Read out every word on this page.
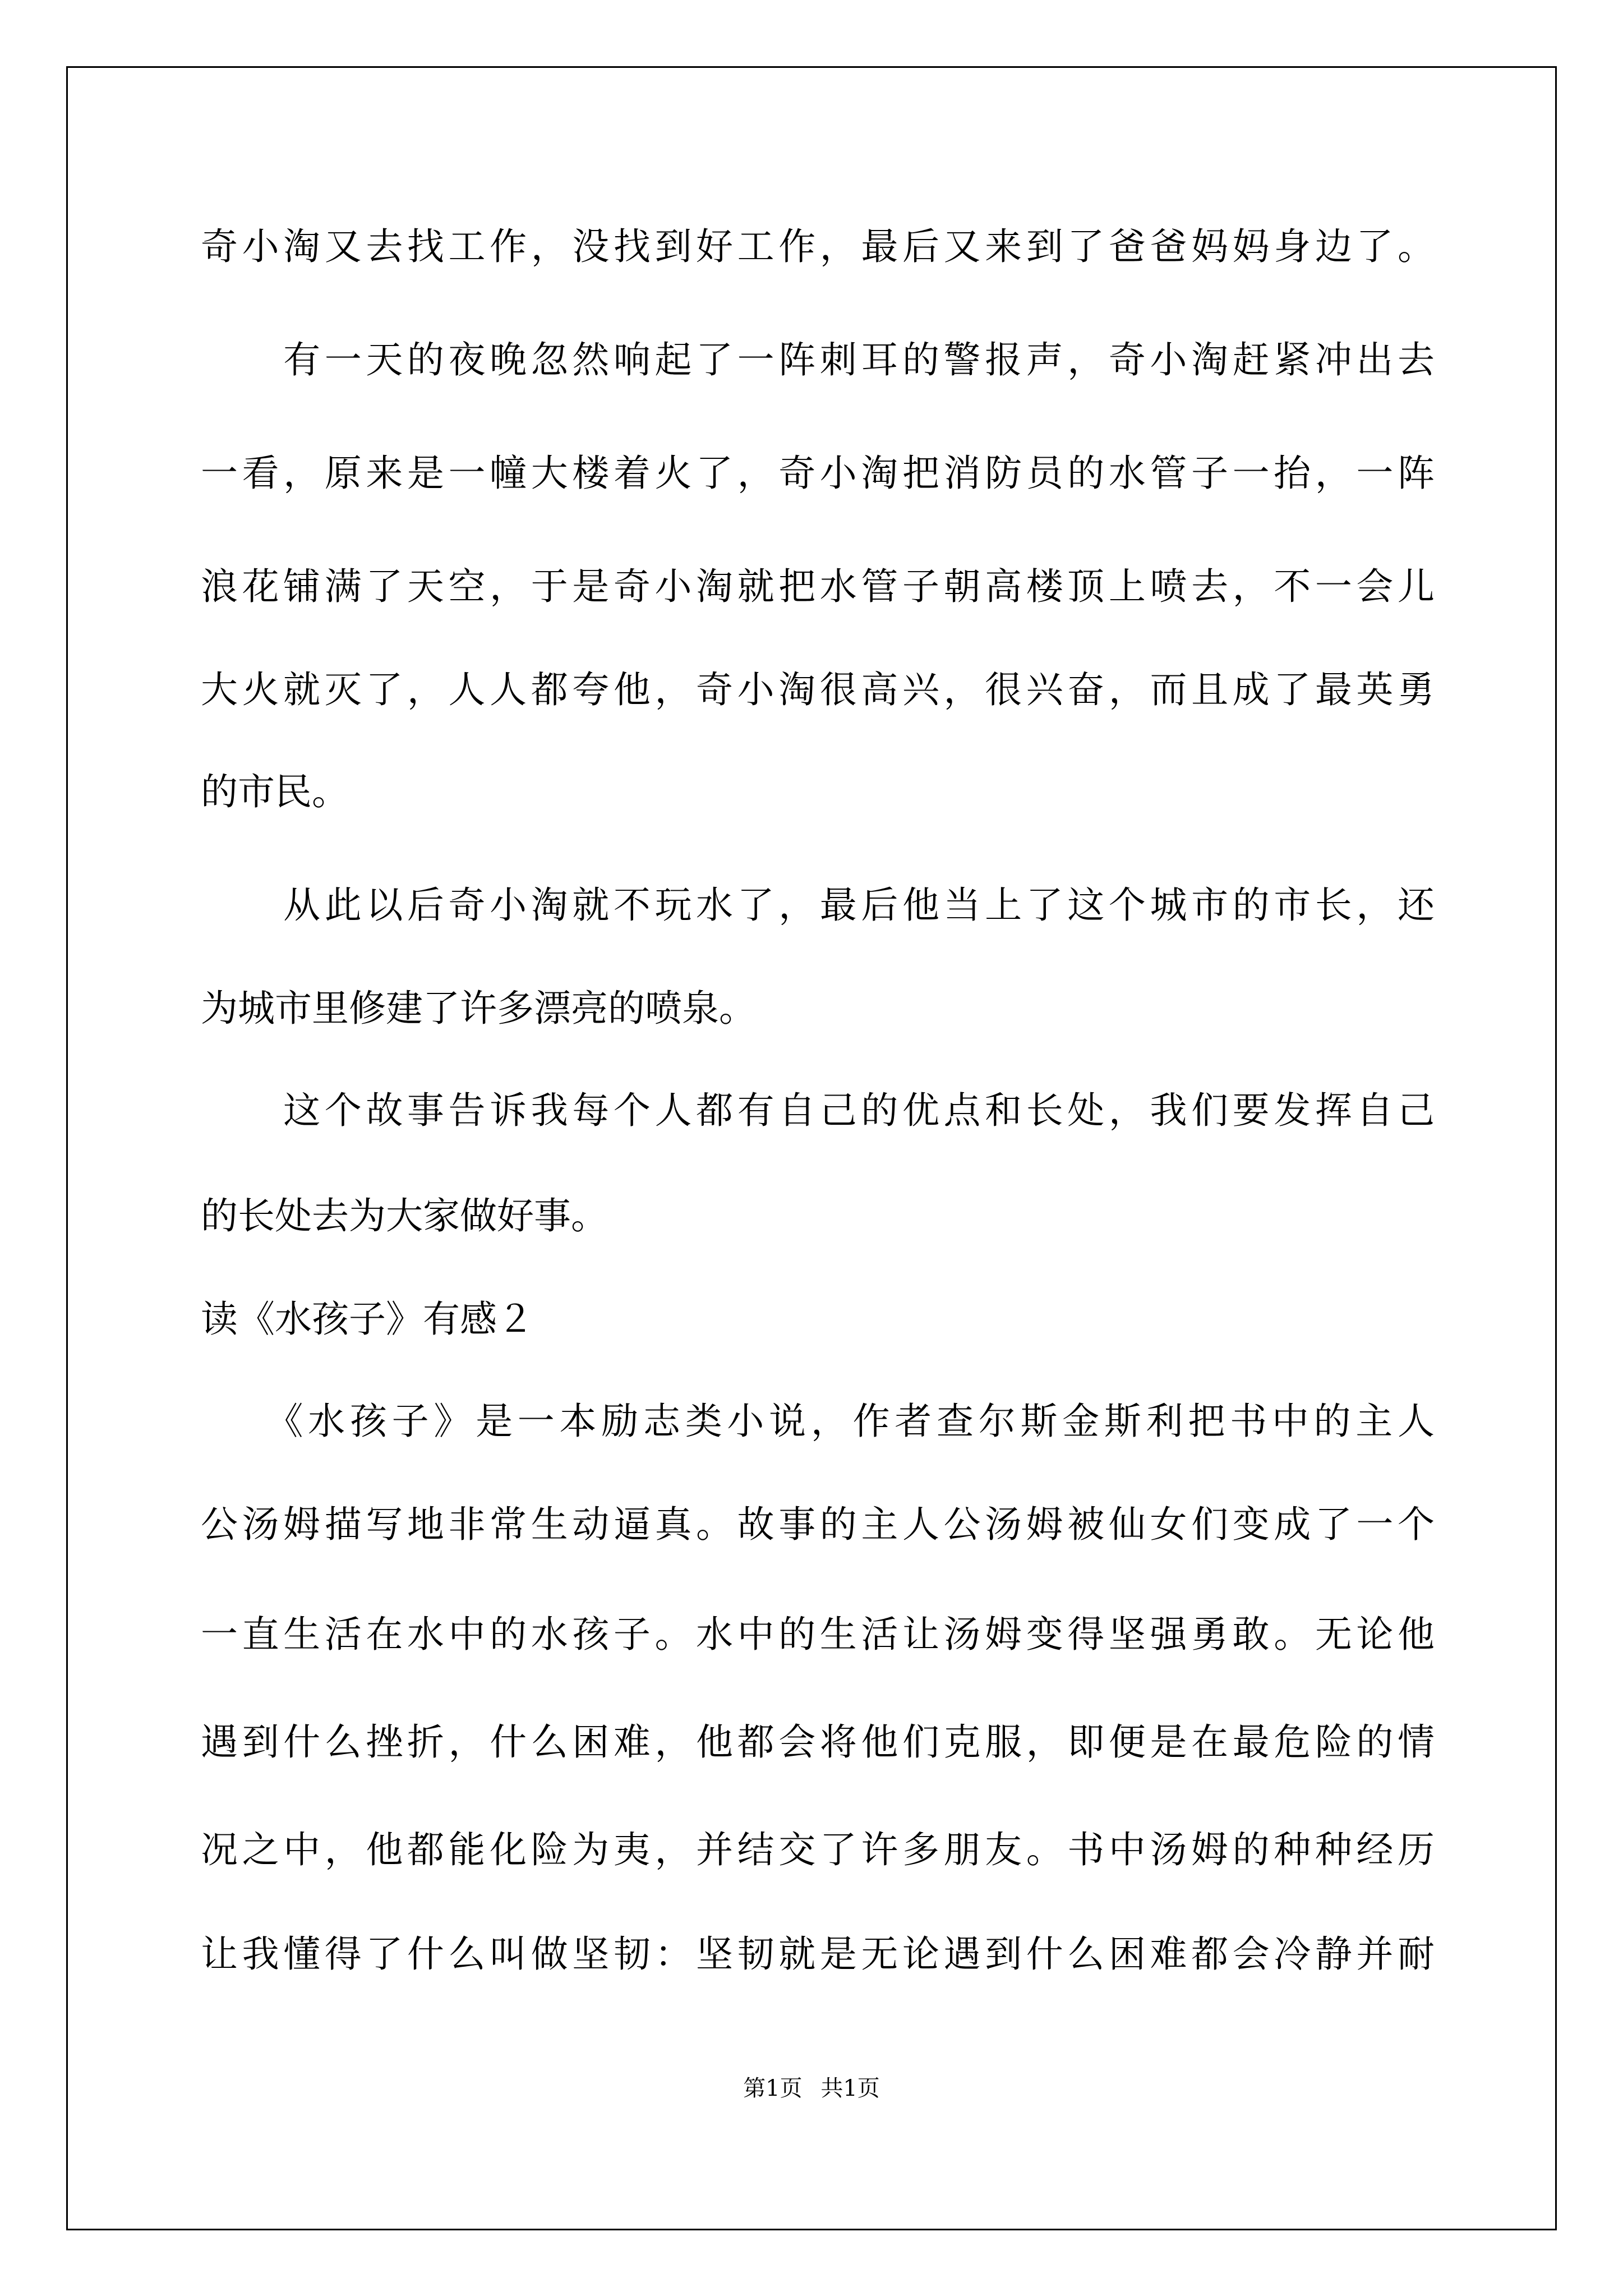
奇小淘又去找工作，没找到好工作，最后又来到了爸爸妈妈身边了。
　　有一天的夜晚忽然响起了一阵刺耳的警报声，奇小淘赶紧冲出去
一看，原来是一幢大楼着火了，奇小淘把消防员的水管子一抬，一阵
浪花铺满了天空，于是奇小淘就把水管子朝高楼顶上喷去，不一会儿
大火就灭了，人人都夸他，奇小淘很高兴，很兴奋，而且成了最英勇
的市民。
　　从此以后奇小淘就不玩水了，最后他当上了这个城市的市长，还
为城市里修建了许多漂亮的喷泉。
　　这个故事告诉我每个人都有自己的优点和长处，我们要发挥自己
的长处去为大家做好事。
读《水孩子》有感２
　　《水孩子》是一本励志类小说，作者查尔斯金斯利把书中的主人
公汤姆描写地非常生动逼真。故事的主人公汤姆被仙女们变成了一个
一直生活在水中的水孩子。水中的生活让汤姆变得坚强勇敢。无论他
遇到什么挫折，什么困难，他都会将他们克服，即便是在最危险的情
况之中，他都能化险为夷，并结交了许多朋友。书中汤姆的种种经历
让我懂得了什么叫做坚韧：坚韧就是无论遇到什么困难都会冷静并耐
第1页 共1页
